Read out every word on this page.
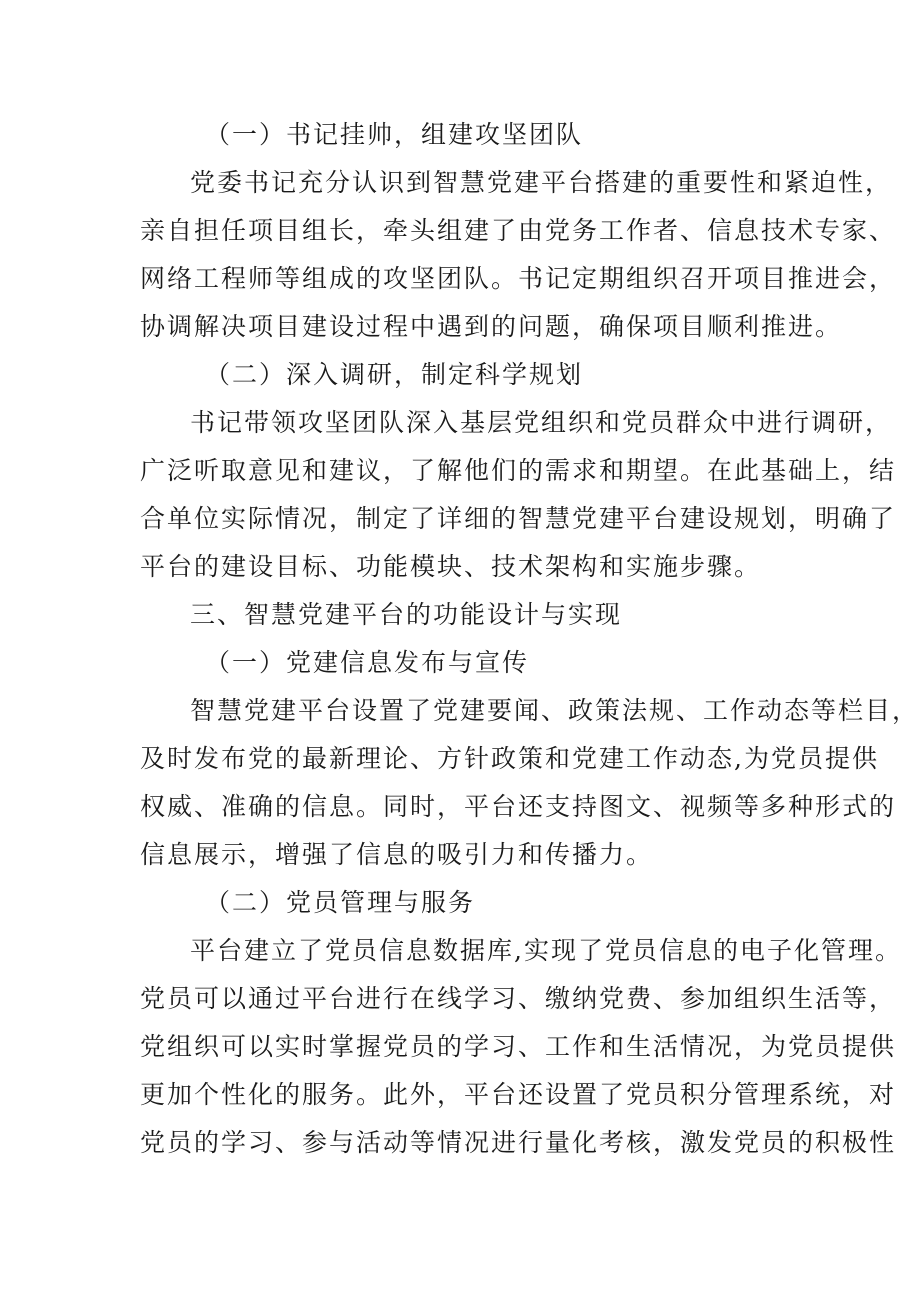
（一）书记挂帅，组建攻坚团队
党委书记充分认识到智慧党建平台搭建的重要性和紧迫性，
亲自担任项目组长，牵头组建了由党务工作者、信息技术专家、
网络工程师等组成的攻坚团队。书记定期组织召开项目推进会，
协调解决项目建设过程中遇到的问题，确保项目顺利推进。
（二）深入调研，制定科学规划
书记带领攻坚团队深入基层党组织和党员群众中进行调研，
广泛听取意见和建议，了解他们的需求和期望。在此基础上，结
合单位实际情况，制定了详细的智慧党建平台建设规划，明确了
平台的建设目标、功能模块、技术架构和实施步骤。
三、智慧党建平台的功能设计与实现
（一）党建信息发布与宣传
智慧党建平台设置了党建要闻、政策法规、工作动态等栏目，
及时发布党的最新理论、方针政策和党建工作动态,为党员提供
权威、准确的信息。同时，平台还支持图文、视频等多种形式的
信息展示，增强了信息的吸引力和传播力。
（二）党员管理与服务
平台建立了党员信息数据库,实现了党员信息的电子化管理。
党员可以通过平台进行在线学习、缴纳党费、参加组织生活等，
党组织可以实时掌握党员的学习、工作和生活情况，为党员提供
更加个性化的服务。此外，平台还设置了党员积分管理系统，对
党员的学习、参与活动等情况进行量化考核，激发党员的积极性
